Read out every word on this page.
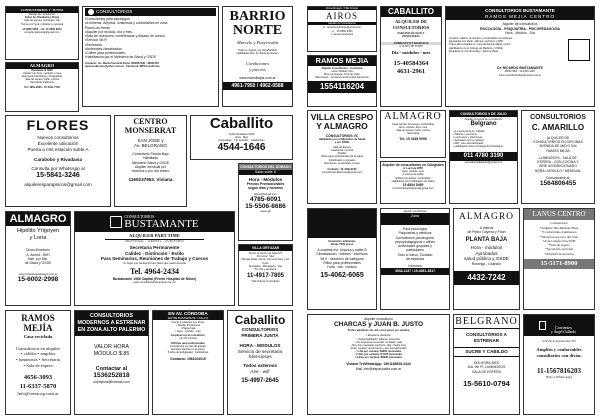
CONSULTORIOS 1° JUNTA
Alquiler de consultorios
Sobre Av. Rivadavia y Rojas
Sala de espera, secretaria, wifi
Turnos por hora, módulos o mensual
15 4852 6254 - cel: 15 3660 6254
consultorios1junta@gmail.com
ALMAGRO
Rivadavia al 3900
Alquiler por hora, módulos o mes
Ideal para Psicólogos y Psiquiatras
Sala de espera, baño, cocina
Secretaria telefónica
Tel: 4981-2020 - 15 5344 7700
CONSULTORIOS
•Consultorios para psicólogos
•A estrenar. Amplios, luminosos y confortables en zona
Plaza Las Heras
•Alquiler por modulo, día y mes.
•Sala de reuniones, conferencias y dictado de cursos
•Servicio Wi-Fi
•Secretaria.
•Ambientes climatizados.
•Coffee para profesionales.
•Habilitación por el Ministerio de Salud y OSDE
Contacto: Lic. María Florencia Parisi 1560657499 - 48021450
mpconsultorios@yahoo.com.ar - Facebook: MPConsultorios
BARRIO
NORTE
Marcelo y Pueyrredón
Todo un mundo: por Hora/Módulo
Habilitados Min. de Salud de Nación
Condiciones
y precios
www.mansillapsi.com.ar
4961-7950 / 4962-0588
FLORES
Nuevos consultorios
Excelente ubicación
Puerta a mts estación subte A
Carabobo y Rivadavia
Consulta por WhatsApp al
15-5841-3246
alquileresparapsicos@gmail.com
CENTRO
MONSERRAT
SAN JOSE y
Av. BELGRANO
Consultorio Florida Bajo
Habilitado
Ministerio Salud y OSDE
Alquiler mensual por
módulos o por día entero
1160237953. Viviana
Caballito
Avda. Rivadavia 6100
Hora · Mes
Impecables · T.E. Acondic. · Calefacción
4544-1646
CONSULTORIOS DEL DORADO
Saldo subte D
Hora - Módulos
Precios Promocionales
según días y horarios
lildup@hotmail.com
4785-6091
15-5506-8686
www.ugb
ALMAGRO
Hipólito Yrigoyen
y Loria
Diván-Escritorio
A. Acond - WiFi
Hab. por Min.
de Salud y OSDE
www.consultoriosalmagro.com.ar
15-6002-2998
CONSULTORIOS
BUSTAMANTE
ALQUILER PART TIME
INDIVIDUAL · GRUPAL · AUDITORIO
Secretaria Permanente
Calidez - Distinción - Estilo
Para Seminarios, Reuniones de Trabajo y Cursos
Un lugar que cambia al buen plano que usted necesita
Tel. 4964-2434
Bustamante 1966 Capital (Frente Hospital de Niños)
www.consultoriosbustamante.com.ar
VILLA ORTUZAR
Frente al Centro de Salud 27
Por Hora · Mes
Plantas bajas, frente, con luminosos y los Kops
Secretaria · Mensajería · Fax
Por día y semestre
11-4917-7805
Villa Ortuzar Consultorio
RAMOS
MEJÍA
Casa reciclada
Consultorios en alquiler
• cálidos • amplios
• luminosos • Secretaria
• Sala de espera
4656-3093
11-6337-5870
Info@centrocp.com.ar
CONSULTORIOS MODERNOS A ESTRENAR EN ZONA ALTO PALERMO
VALOR HORA
MÓDULO $ 85
Contactar al
1536252818
sophipsra@hotmail.com
EN AV. CÓRDOBA
(ENTRE BUSTAMANTE Y GALLO)
Frente a Cleantex Los Pinos
• Alquiler Profesional
• Planta baja
• Hora · módulo · mes
Esquinas luz al consultorio
min 15 minutos
Oficinas para profesionales
Consultorios en plan de alquiler
Horarios oficinas en el anexo
5 años de antigüedad · Fantásticas
Contacto: 1561024015
Caballito
CONSULTORIOS
PRIMERA JUNTA
HORA - MODULOS
Servicio de secretaria
Silenciosos
Todos externos
Aire - wifi
15-4997-2645
Zona Almagro / Villa Crespo
AIROS
Alquiler de Consultorios
✉ airosconsultorios@gmail.com
☏ 15 6956 6400
f airosconsultorios
CABALLITO
ALQUILER DE
CONSULTORIOS
PARA PSICÓLOGOS Y
PSIQUIATRAS
AMBROSETTI Y RIVADAVIA
A 50 MTS DE SUBTE
Día - módulos - mes
15-40584364
4631-2961
CONSULTORIOS BUSTAMANTE
RAMOS MEJIA CENTRO
Alquiler de consultorios
PSICOLOGÍA - PSIQUIATRÍA - PSICOPEDAGOGÍA
Hora - Módulo - Día
Amplios, cálidos, luminosos y confortables consultorios
Equipados con diván, sillones, escritorio y WiFi
Todos ellos situados en zona de Ramos Mejía, centro
Habilitados por el Colegio de Médicos y OSDE
Rivadavia (a mts del subte) - Ramos Mejía
Dr. RICARDO BUSTAMANTE
4658-7384 - 11-4325-1007
www.consultoriosbustamante.com.ar
RAMOS MEJIA
Alquiler Consultorios - A estrenar
Hora, Módulo, Día
Muy Luminosos, A/A Frío-Calor
Silenciosos · Cercanos al ferrocarril Sarmiento
1554116204
VILLA CRESPO
Y ALMAGRO
CONSULTORIOS VC
Habilitados por el Ministerio de Salud
y por OSDE
Sala de Espera
Calefacción central
Alquiler
Oficio para profesionales de la salud
Individuales o grupales
Reuniones, entrevistas, cursos
Contacto: 15-4199-2163
consultoriosvillacrespo@gmail.com
ALMAGRO
Casa central, luminosa y confortable
Hora, módulo, día o mes
Sala de espera, baño, cocina
Secretaria
Tel: 15 4185 0099
Alquiler de consultorios en Colegiales
A. Lacroze 2855
Hora, módulo, mes
A metros de subte
Edificio sin ambos, confortable
Habilitados por el Ministerio de Salud
15 6894 5469
consultoriosenbelgrano@gmail.com
CONSULTORIOS 9 DE JULIO
Alquiler temporal de consultorios
Belgrano
• A metros de la Av. Cabildo
• Sillones y escritorio
• Luminosos y silenciosos
• Secretaria por la mañana
• Wifi · Aire acondicionado
• Habilitación ante el Colegio de Psicólogos
011 4780 3190
consultorios9dejulio@gmail.com
CONSULTORIOS
C. AMARILLO
ALQUILER DE
CONSULTORIOS EN OFICINAS
AVENIDA DE MAYO 544
RAMOS MEJÍA
LUMINOSOS - SALA DE
ESPERA - CON COCINA Y
AIRE ACONDICIONADO
HORA / MODULO / MENSUAL
Comunicarse al:
1564806455
NUEVOS
CONSULTORIOS
EN
VILLA URQUIZA
Excelentes ambientes
Desde 7000 pesos
A cuadras est. Urquiza y subte B
Climatización · sillones · escritorio
Wi fi · directorio de categoría
Office para profesionales
Hora · día · módulo
15-4062-6065
Alquiler consultorios
Zona
Parque Centenario
Para psicólogos
Psiquiatras y médicos
Consultorios psicológicos
psicopedagógicos o afines
Actividades grupales y
particulares
Todo a nuevo, Cuidado
de espacios
Informes
4934-1137 / 15-4061-3817
ALMAGRO
A metros
de Pedro Goyena y Puan
PLANTA BAJA
Hora - módulos
Aprobados
salud pública y OSDE
Rosengo - Lisandro
4432-7242
LANUS CENTRO
Consultorios
*Alquiler Día-Módulo-Hora
*Confortables-Luminosos
*Silenciosos-Cerca del Tren
*A/A-Calefacción-WiFi
*Sala de espera
*Secretaria opcional
*Ampliad de horarios
15-5171-8900
Alquiler consultorio
CHARCAS y JUAN B. JUSTO
Profes alquileres sin, día o tres veces por semana
• Excelente ubicación
• Aptos/habilitado, Sillones, Licencias
• De sintenosa comercial, no ditado, sala
• Muy bien equipado escritorio, silla, chaise long,
diván, estante, cerramiento y aire acondicionado
• 1 día por semana: $2900 mensuales
• 2 días por semana: $ 5100 mensuales
• 3 días por semana: $6900 mensuales
Viviana Tel/WhatsApp: 1561168526-4444
Mail: info@espacioalfa.com.ar
BELGRANO
CONSULTORIOS A
ESTRENAR
SUCRE Y CABILDO
DÍA-HORA-MES
A/A. WI FI. LUMINOSOS
SALA DE ESPERA
15-5610-0794
ALMAGRO
Corrientes
y Ángel Gallardo
(A 50 mts de estación subte "B")
Amplios y confortables
consultorios con diván.
11-1567816203
(Fijo y Whats App)
